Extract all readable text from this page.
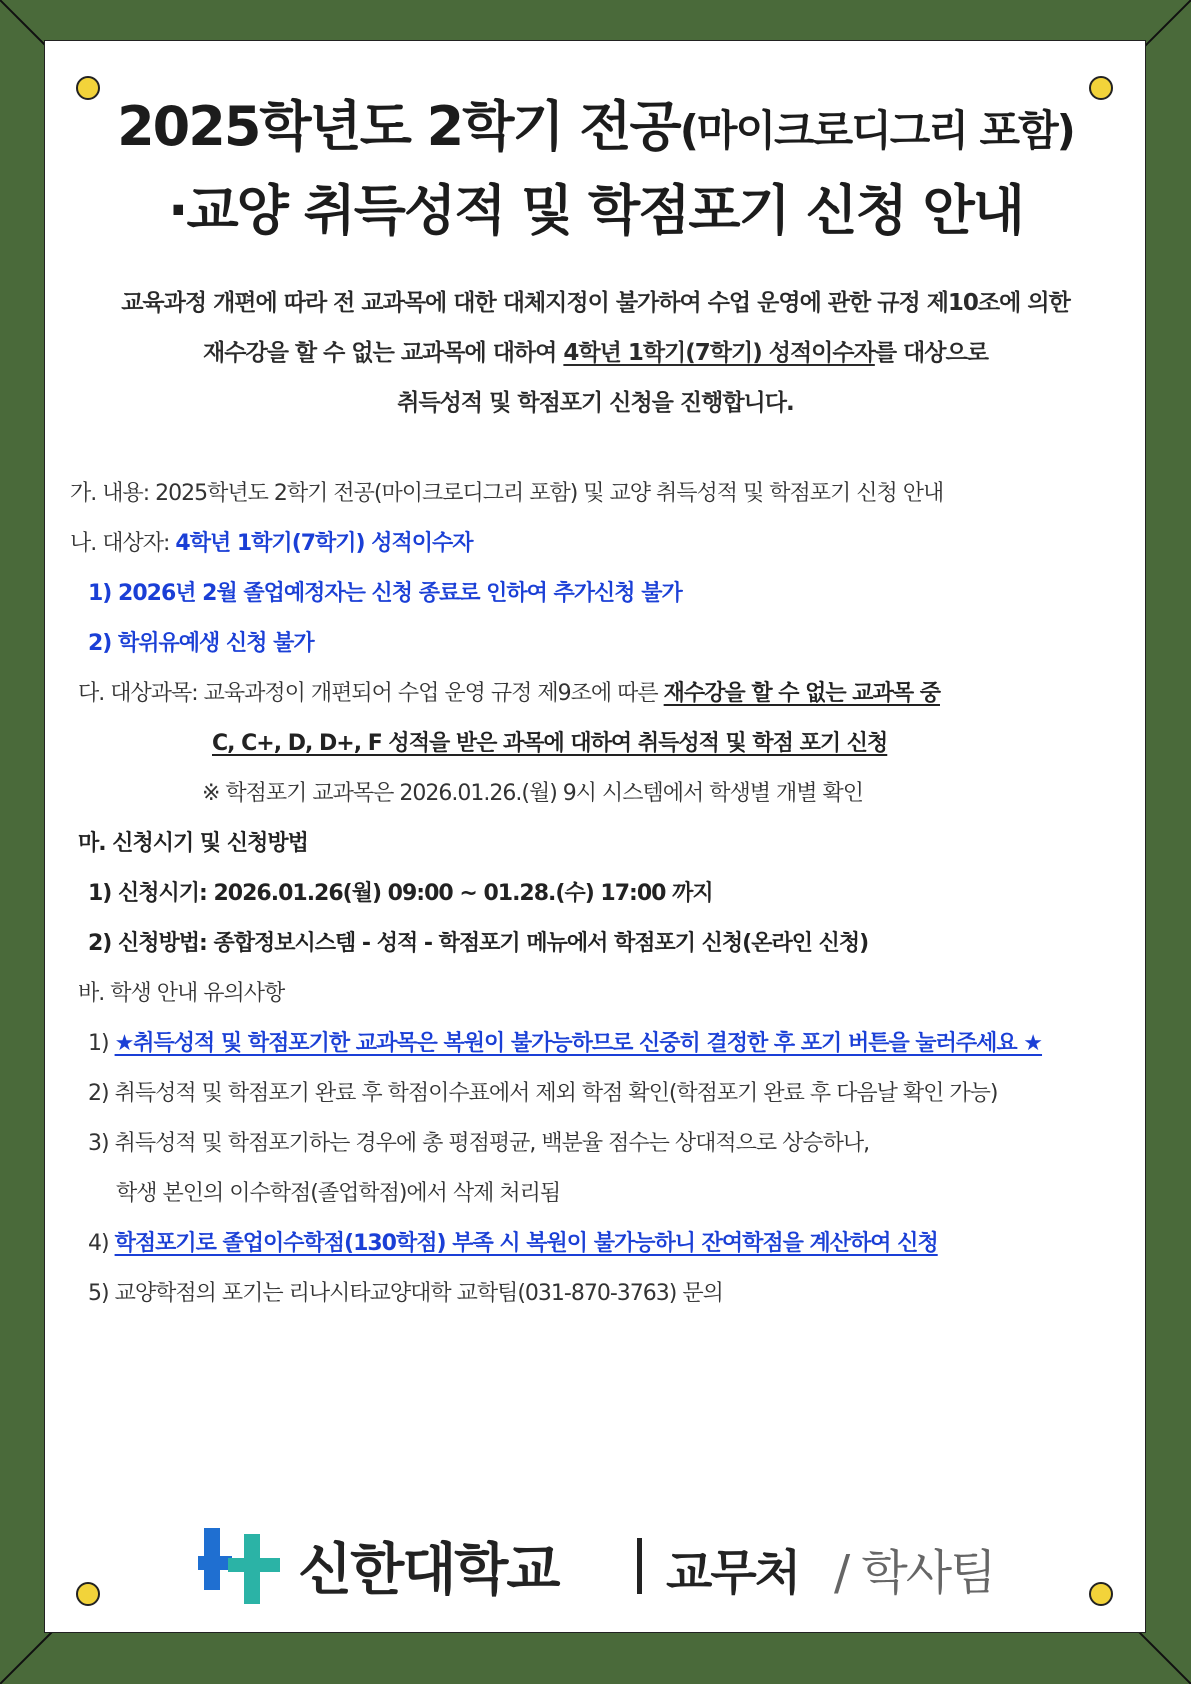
2025학년도 2학기 전공(마이크로디그리 포함)
·교양 취득성적 및 학점포기 신청 안내
교육과정 개편에 따라 전 교과목에 대한 대체지정이 불가하여 수업 운영에 관한 규정 제10조에 의한
재수강을 할 수 없는 교과목에 대하여 4학년 1학기(7학기) 성적이수자를 대상으로
취득성적 및 학점포기 신청을 진행합니다.
가. 내용: 2025학년도 2학기 전공(마이크로디그리 포함) 및 교양 취득성적 및 학점포기 신청 안내
나. 대상자: 4학년 1학기(7학기) 성적이수자
1) 2026년 2월 졸업예정자는 신청 종료로 인하여 추가신청 불가
2) 학위유예생 신청 불가
다. 대상과목: 교육과정이 개편되어 수업 운영 규정 제9조에 따른 재수강을 할 수 없는 교과목 중
C, C+, D, D+, F 성적을 받은 과목에 대하여 취득성적 및 학점 포기 신청
※ 학점포기 교과목은 2026.01.26.(월) 9시 시스템에서 학생별 개별 확인
마. 신청시기 및 신청방법
1) 신청시기: 2026.01.26(월) 09:00 ~ 01.28.(수) 17:00 까지
2) 신청방법: 종합정보시스템 - 성적 - 학점포기 메뉴에서 학점포기 신청(온라인 신청)
바. 학생 안내 유의사항
1) ★취득성적 및 학점포기한 교과목은 복원이 불가능하므로 신중히 결정한 후 포기 버튼을 눌러주세요 ★
2) 취득성적 및 학점포기 완료 후 학점이수표에서 제외 학점 확인(학점포기 완료 후 다음날 확인 가능)
3) 취득성적 및 학점포기하는 경우에 총 평점평균, 백분율 점수는 상대적으로 상승하나,
학생 본인의 이수학점(졸업학점)에서 삭제 처리됨
4) 학점포기로 졸업이수학점(130학점) 부족 시 복원이 불가능하니 잔여학점을 계산하여 신청
5) 교양학점의 포기는 리나시타교양대학 교학팀(031-870-3763) 문의
신한대학교 교무처 / 학사팀
